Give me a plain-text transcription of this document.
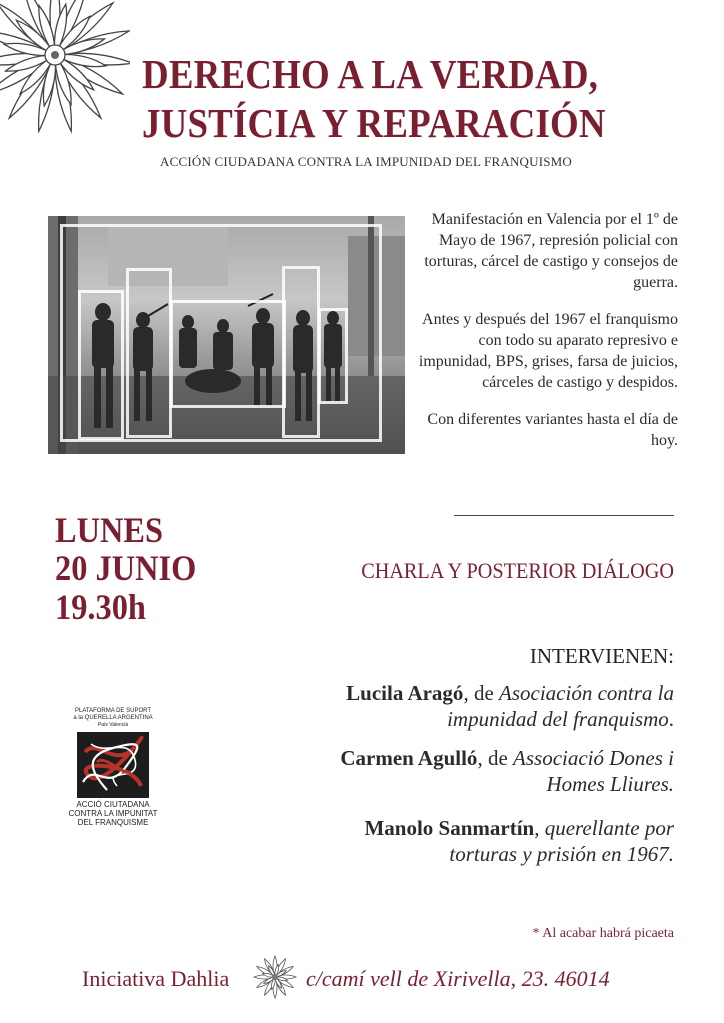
DERECHO A LA VERDAD,
JUSTÍCIA Y REPARACIÓN
ACCIÓN CIUDADANA CONTRA LA IMPUNIDAD DEL FRANQUISMO

Manifestación en Valencia por el 1º de Mayo de 1967, represión policial con torturas, cárcel de castigo y consejos de guerra.

Antes y después del 1967 el franquismo con todo su aparato represivo e impunidad, BPS, grises, farsa de juicios, cárceles de castigo y despidos.

Con diferentes variantes hasta el día de hoy.

LUNES
20 JUNIO
19.30h
CHARLA Y POSTERIOR DIÁLOGO
INTERVIENEN:
Lucila Aragó, de Asociación contra la
impunidad del franquismo.
Carmen Agulló, de Associació Dones i
Homes Lliures.
Manolo Sanmartín, querellante por
torturas y prisión en 1967.
PLATAFORMA DE SUPORT
a la QUERELLA ARGENTINA
País Valencià
ACCIÓ CIUTADANA
CONTRA LA IMPUNITAT
DEL FRANQUISME
* Al acabar habrá picaeta
Iniciativa Dahlia	c/camí vell de Xirivella, 23. 46014
